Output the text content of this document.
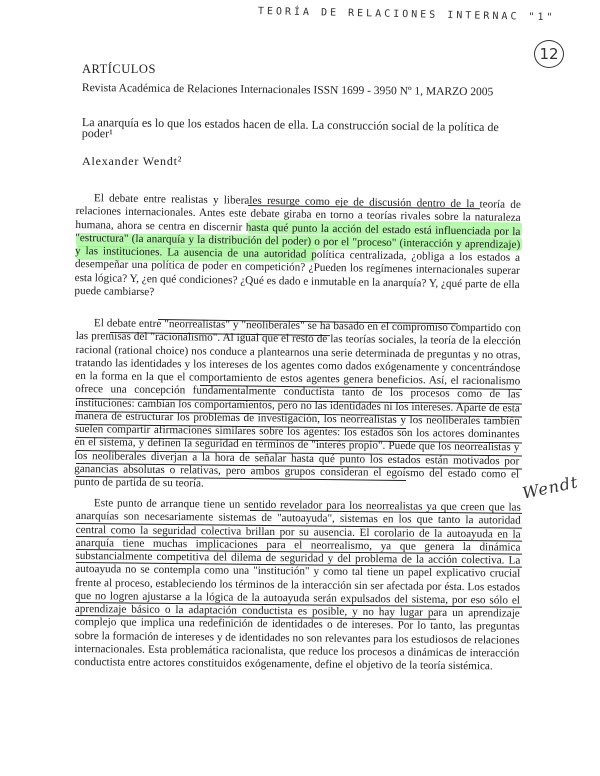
TEORÍA DE RELACIONES INTERNAC "1"
12
ARTÍCULOS
Revista Académica de Relaciones Internacionales ISSN 1699 - 3950 Nº 1, MARZO 2005
La anarquía es lo que los estados hacen de ella. La construcción social de la política de poder¹
Alexander Wendt²
El debate entre realistas y liberales resurge como eje de discusión dentro de la teoría de relaciones internacionales. Antes este debate giraba en torno a teorías rivales sobre la naturaleza humana, ahora se centra en discernir hasta qué punto la acción del estado está influenciada por la "estructura" (la anarquía y la distribución del poder) o por el "proceso" (interacción y aprendizaje) y las instituciones. La ausencia de una autoridad política centralizada, ¿obliga a los estados a desempeñar una política de poder en competición? ¿Pueden los regímenes internacionales superar esta lógica? Y, ¿en qué condiciones? ¿Qué es dado e inmutable en la anarquía? Y, ¿qué parte de ella puede cambiarse?
El debate entre "neorrealistas" y "neoliberales" se ha basado en el compromiso compartido con las premisas del "racionalismo". Al igual que el resto de las teorías sociales, la teoría de la elección racional (rational choice) nos conduce a plantearnos una serie determinada de preguntas y no otras, tratando las identidades y los intereses de los agentes como dados exógenamente y concentrándose en la forma en la que el comportamiento de estos agentes genera beneficios. Así, el racionalismo ofrece una concepción fundamentalmente conductista tanto de los procesos como de las instituciones: cambian los comportamientos, pero no las identidades ni los intereses. Aparte de esta manera de estructurar los problemas de investigación, los neorrealistas y los neoliberales también suelen compartir afirmaciones similares sobre los agentes: los estados son los actores dominantes en el sistema, y definen la seguridad en términos de "interés propio". Puede que los neorrealistas y los neoliberales diverjan a la hora de señalar hasta qué punto los estados están motivados por ganancias absolutas o relativas, pero ambos grupos consideran el egoísmo del estado como el punto de partida de su teoría.
Este punto de arranque tiene un sentido revelador para los neorrealistas ya que creen que las anarquías son necesariamente sistemas de "autoayuda", sistemas en los que tanto la autoridad central como la seguridad colectiva brillan por su ausencia. El corolario de la autoayuda en la anarquía tiene muchas implicaciones para el neorrealismo, ya que genera la dinámica substancialmente competitiva del dilema de seguridad y del problema de la acción colectiva. La autoayuda no se contempla como una "institución" y como tal tiene un papel explicativo crucial frente al proceso, estableciendo los términos de la interacción sin ser afectada por ésta. Los estados que no logren ajustarse a la lógica de la autoayuda serán expulsados del sistema, por eso sólo el aprendizaje básico o la adaptación conductista es posible, y no hay lugar para un aprendizaje complejo que implica una redefinición de identidades o de intereses. Por lo tanto, las preguntas sobre la formación de intereses y de identidades no son relevantes para los estudiosos de relaciones internacionales. Esta problemática racionalista, que reduce los procesos a dinámicas de interacción conductista entre actores constituidos exógenamente, define el objetivo de la teoría sistémica.
Wendt
